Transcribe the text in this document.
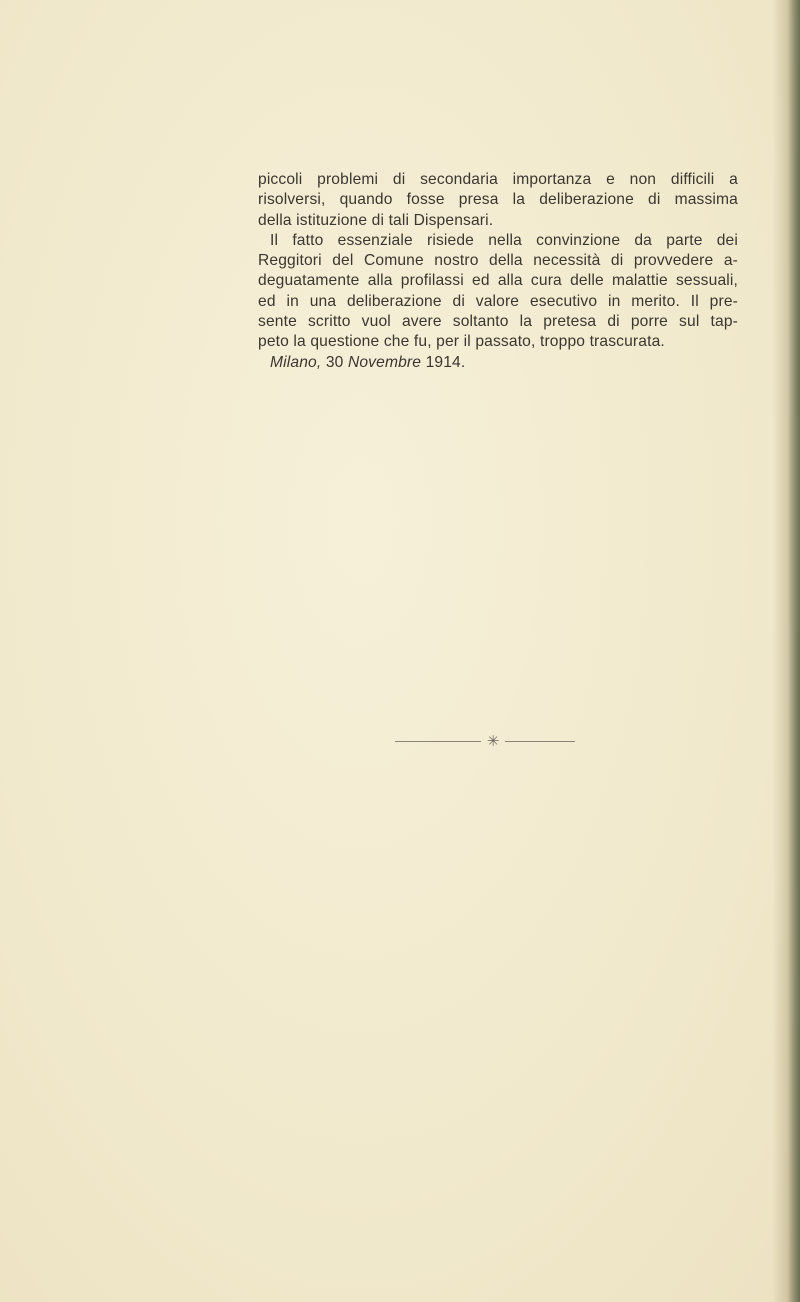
piccoli problemi di secondaria importanza e non difficili a
risolversi, quando fosse presa la deliberazione di massima
della istituzione di tali Dispensari.
Il fatto essenziale risiede nella convinzione da parte dei
Reggitori del Comune nostro della necessità di provvedere a-
deguatamente alla profilassi ed alla cura delle malattie sessuali,
ed in una deliberazione di valore esecutivo in merito. Il pre-
sente scritto vuol avere soltanto la pretesa di porre sul tap-
peto la questione che fu, per il passato, troppo trascurata.
Milano, 30 Novembre 1914.
✳
